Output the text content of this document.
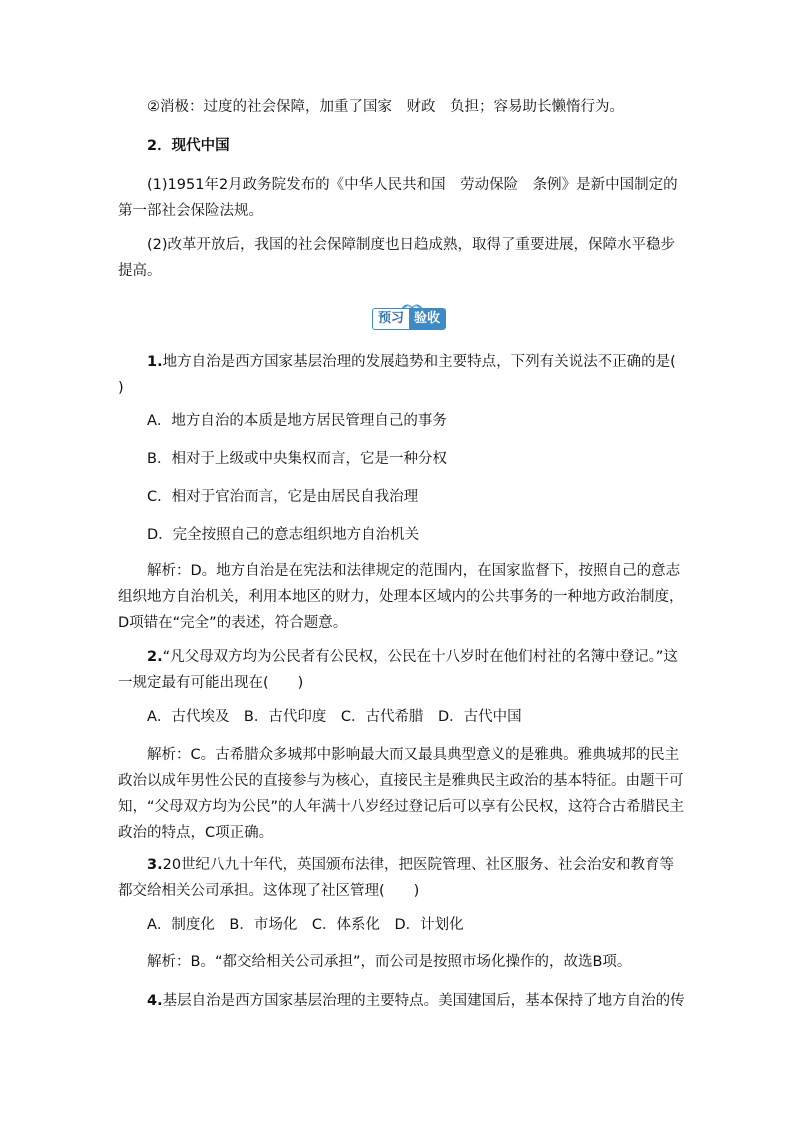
②消极：过度的社会保障，加重了国家　财政　负担；容易助长懒惰行为。

2．现代中国

(1)1951年2月政务院发布的《中华人民共和国　劳动保险　条例》是新中国制定的第一部社会保险法规。

(2)改革开放后，我国的社会保障制度也日趋成熟，取得了重要进展，保障水平稳步提高。

预习 验收

1.地方自治是西方国家基层治理的发展趋势和主要特点，下列有关说法不正确的是(　　)

A．地方自治的本质是地方居民管理自己的事务

B．相对于上级或中央集权而言，它是一种分权

C．相对于官治而言，它是由居民自我治理

D．完全按照自己的意志组织地方自治机关

解析：D。地方自治是在宪法和法律规定的范围内，在国家监督下，按照自己的意志组织地方自治机关，利用本地区的财力，处理本区域内的公共事务的一种地方政治制度，D项错在“完全”的表述，符合题意。

2.“凡父母双方均为公民者有公民权，公民在十八岁时在他们村社的名簿中登记。”这一规定最有可能出现在(　　)

A．古代埃及　B．古代印度　C．古代希腊　D．古代中国

解析：C。古希腊众多城邦中影响最大而又最具典型意义的是雅典。雅典城邦的民主政治以成年男性公民的直接参与为核心，直接民主是雅典民主政治的基本特征。由题干可知，“父母双方均为公民”的人年满十八岁经过登记后可以享有公民权，这符合古希腊民主政治的特点，C项正确。

3.20世纪八九十年代，英国颁布法律，把医院管理、社区服务、社会治安和教育等都交给相关公司承担。这体现了社区管理(　　)

A．制度化　B．市场化　C．体系化　D．计划化

解析：B。“都交给相关公司承担”，而公司是按照市场化操作的，故选B项。

4.基层自治是西方国家基层治理的主要特点。美国建国后，基本保持了地方自治的传
